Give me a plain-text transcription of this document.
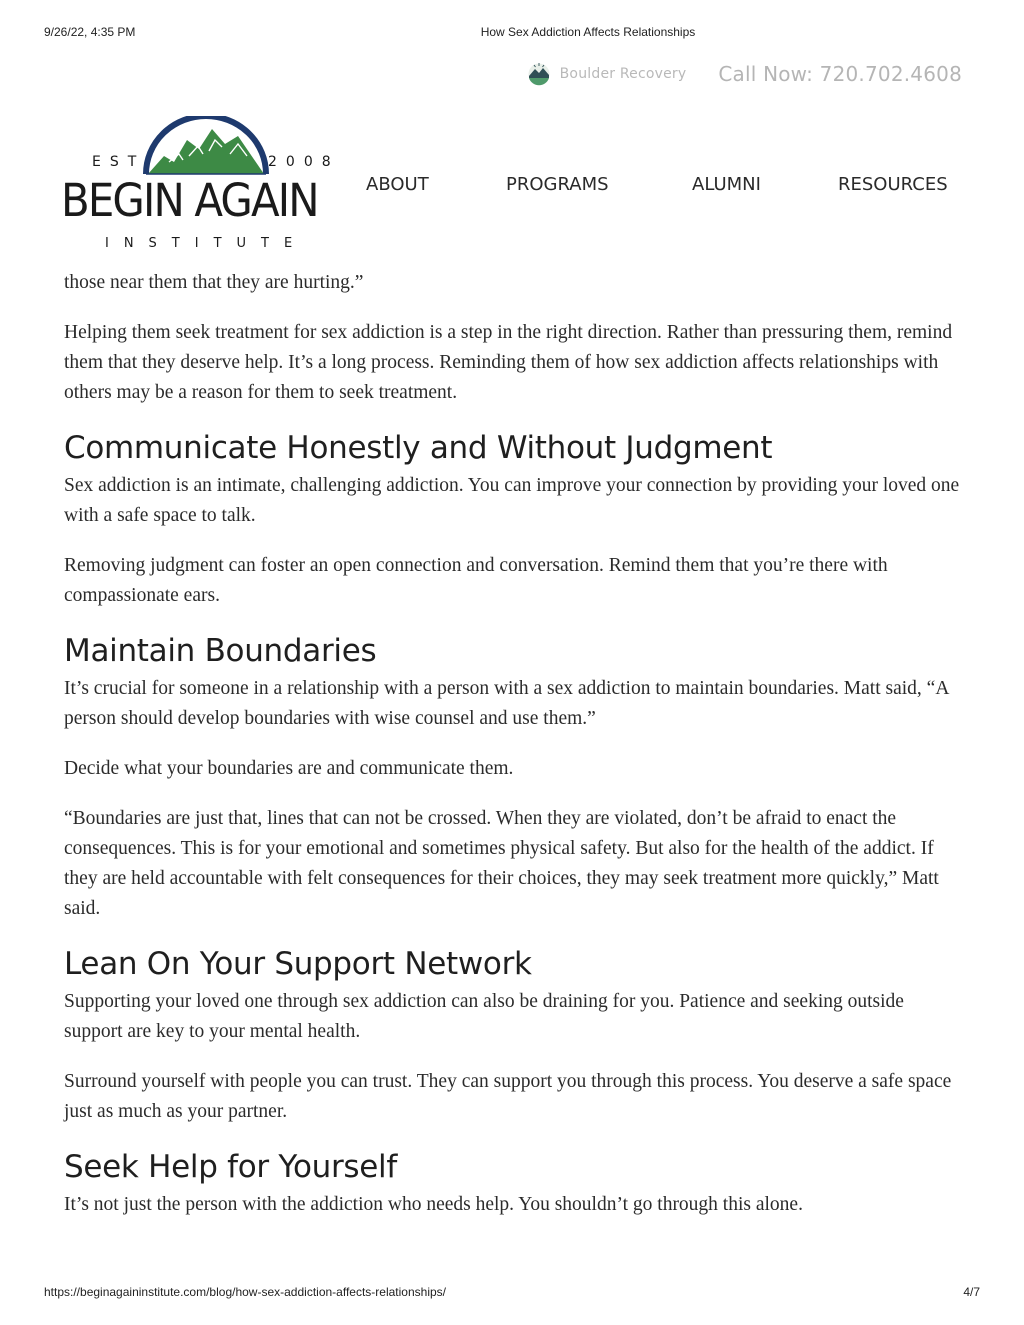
9/26/22, 4:35 PM	How Sex Addiction Affects Relationships
Boulder Recovery Call Now: 720.702.4608
EST	2008
BEGIN AGAIN
INSTITUTE
ABOUT	PROGRAMS	ALUMNI	RESOURCES

those near them that they are hurting.”

Helping them seek treatment for sex addiction is a step in the right direction. Rather than pressuring them, remind them that they deserve help. It’s a long process. Reminding them of how sex addiction affects relationships with others may be a reason for them to seek treatment.

Communicate Honestly and Without Judgment

Sex addiction is an intimate, challenging addiction. You can improve your connection by providing your loved one with a safe space to talk.

Removing judgment can foster an open connection and conversation. Remind them that you’re there with compassionate ears.

Maintain Boundaries

It’s crucial for someone in a relationship with a person with a sex addiction to maintain boundaries. Matt said, “A person should develop boundaries with wise counsel and use them.”

Decide what your boundaries are and communicate them.

“Boundaries are just that, lines that can not be crossed. When they are violated, don’t be afraid to enact the consequences. This is for your emotional and sometimes physical safety. But also for the health of the addict. If they are held accountable with felt consequences for their choices, they may seek treatment more quickly,” Matt said.

Lean On Your Support Network

Supporting your loved one through sex addiction can also be draining for you. Patience and seeking outside support are key to your mental health.

Surround yourself with people you can trust. They can support you through this process. You deserve a safe space just as much as your partner.

Seek Help for Yourself

It’s not just the person with the addiction who needs help. You shouldn’t go through this alone.

https://beginagaininstitute.com/blog/how-sex-addiction-affects-relationships/	4/7
